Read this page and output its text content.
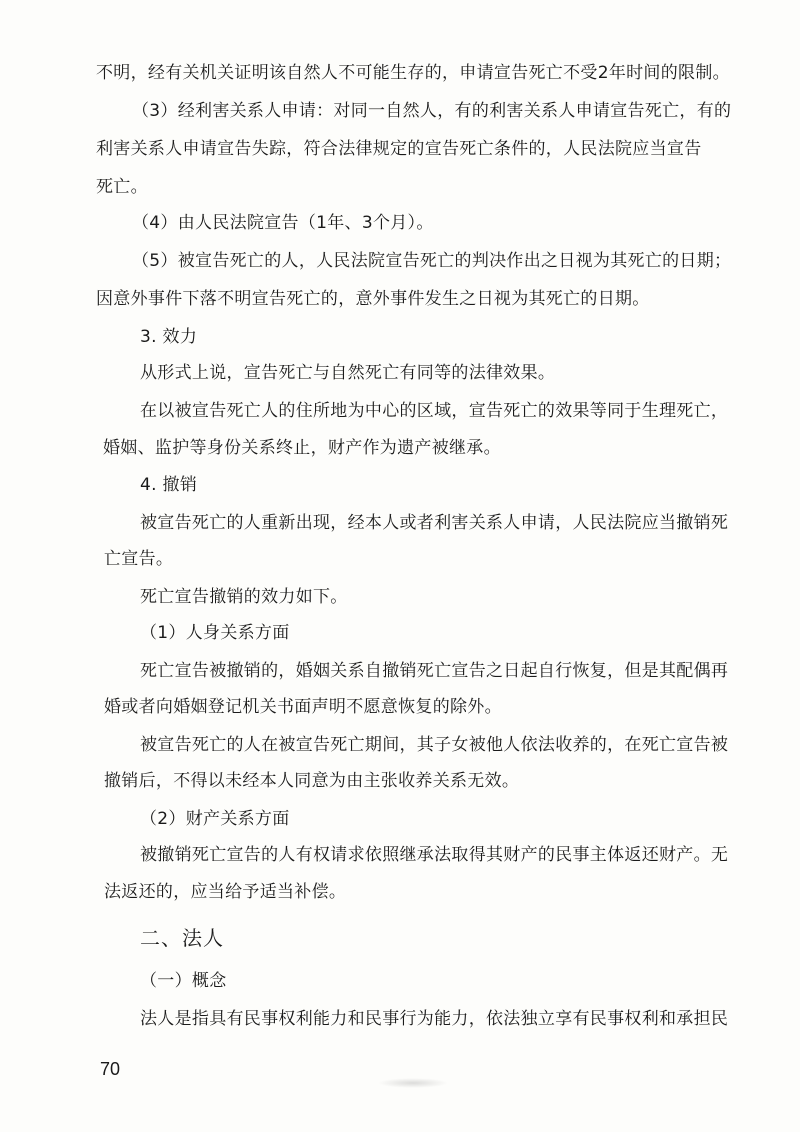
不明，经有关机关证明该自然人不可能生存的，申请宣告死亡不受2年时间的限制。
（3）经利害关系人申请：对同一自然人，有的利害关系人申请宣告死亡，有的
利害关系人申请宣告失踪，符合法律规定的宣告死亡条件的，人民法院应当宣告
死亡。
（4）由人民法院宣告（1年、3个月）。
（5）被宣告死亡的人，人民法院宣告死亡的判决作出之日视为其死亡的日期；
因意外事件下落不明宣告死亡的，意外事件发生之日视为其死亡的日期。
3. 效力
从形式上说，宣告死亡与自然死亡有同等的法律效果。
在以被宣告死亡人的住所地为中心的区域，宣告死亡的效果等同于生理死亡，
婚姻、监护等身份关系终止，财产作为遗产被继承。
4. 撤销
被宣告死亡的人重新出现，经本人或者利害关系人申请，人民法院应当撤销死
亡宣告。
死亡宣告撤销的效力如下。
（1）人身关系方面
死亡宣告被撤销的，婚姻关系自撤销死亡宣告之日起自行恢复，但是其配偶再
婚或者向婚姻登记机关书面声明不愿意恢复的除外。
被宣告死亡的人在被宣告死亡期间，其子女被他人依法收养的，在死亡宣告被
撤销后，不得以未经本人同意为由主张收养关系无效。
（2）财产关系方面
被撤销死亡宣告的人有权请求依照继承法取得其财产的民事主体返还财产。无
法返还的，应当给予适当补偿。
二、法人
（一）概念
法人是指具有民事权利能力和民事行为能力，依法独立享有民事权利和承担民
70
